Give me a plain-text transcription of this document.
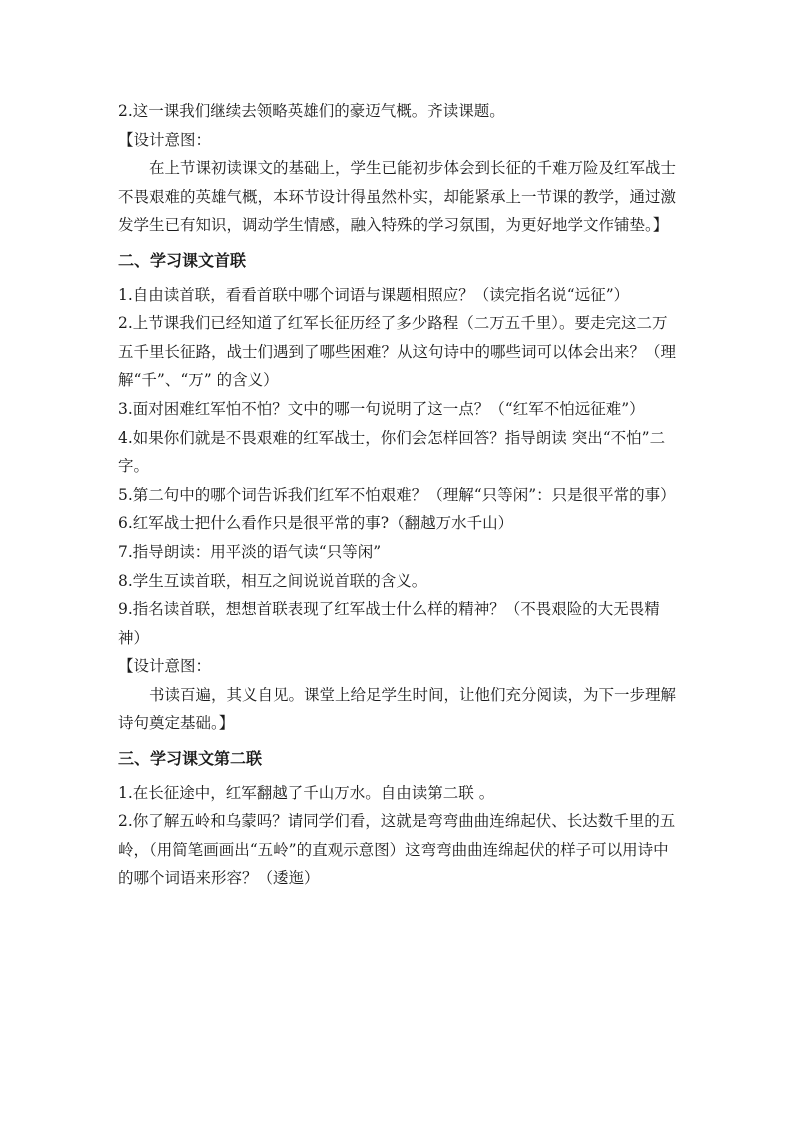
2.这一课我们继续去领略英雄们的豪迈气概。齐读课题。

【设计意图：

在上节课初读课文的基础上，学生已能初步体会到长征的千难万险及红军战士不畏艰难的英雄气概，本环节设计得虽然朴实，却能紧承上一节课的教学，通过激发学生已有知识，调动学生情感，融入特殊的学习氛围，为更好地学文作铺垫。】

二、学习课文首联

1.自由读首联，看看首联中哪个词语与课题相照应？（读完指名说“远征”）

2.上节课我们已经知道了红军长征历经了多少路程（二万五千里）。要走完这二万五千里长征路，战士们遇到了哪些困难？从这句诗中的哪些词可以体会出来？（理解“千”、“万” 的含义）

3.面对困难红军怕不怕？文中的哪一句说明了这一点？（“红军不怕远征难”）

4.如果你们就是不畏艰难的红军战士，你们会怎样回答？指导朗读 突出“不怕”二字。

5.第二句中的哪个词告诉我们红军不怕艰难？（理解“只等闲”：只是很平常的事）

6.红军战士把什么看作只是很平常的事?（翻越万水千山）

7.指导朗读：用平淡的语气读“只等闲”

8.学生互读首联，相互之间说说首联的含义。

9.指名读首联，想想首联表现了红军战士什么样的精神？（不畏艰险的大无畏精神）

【设计意图：

书读百遍，其义自见。课堂上给足学生时间，让他们充分阅读，为下一步理解诗句奠定基础。】

三、学习课文第二联

1.在长征途中，红军翻越了千山万水。自由读第二联 。

2.你了解五岭和乌蒙吗？请同学们看，这就是弯弯曲曲连绵起伏、长达数千里的五岭，（用简笔画画出“五岭”的直观示意图）这弯弯曲曲连绵起伏的样子可以用诗中的哪个词语来形容？（逶迤）
